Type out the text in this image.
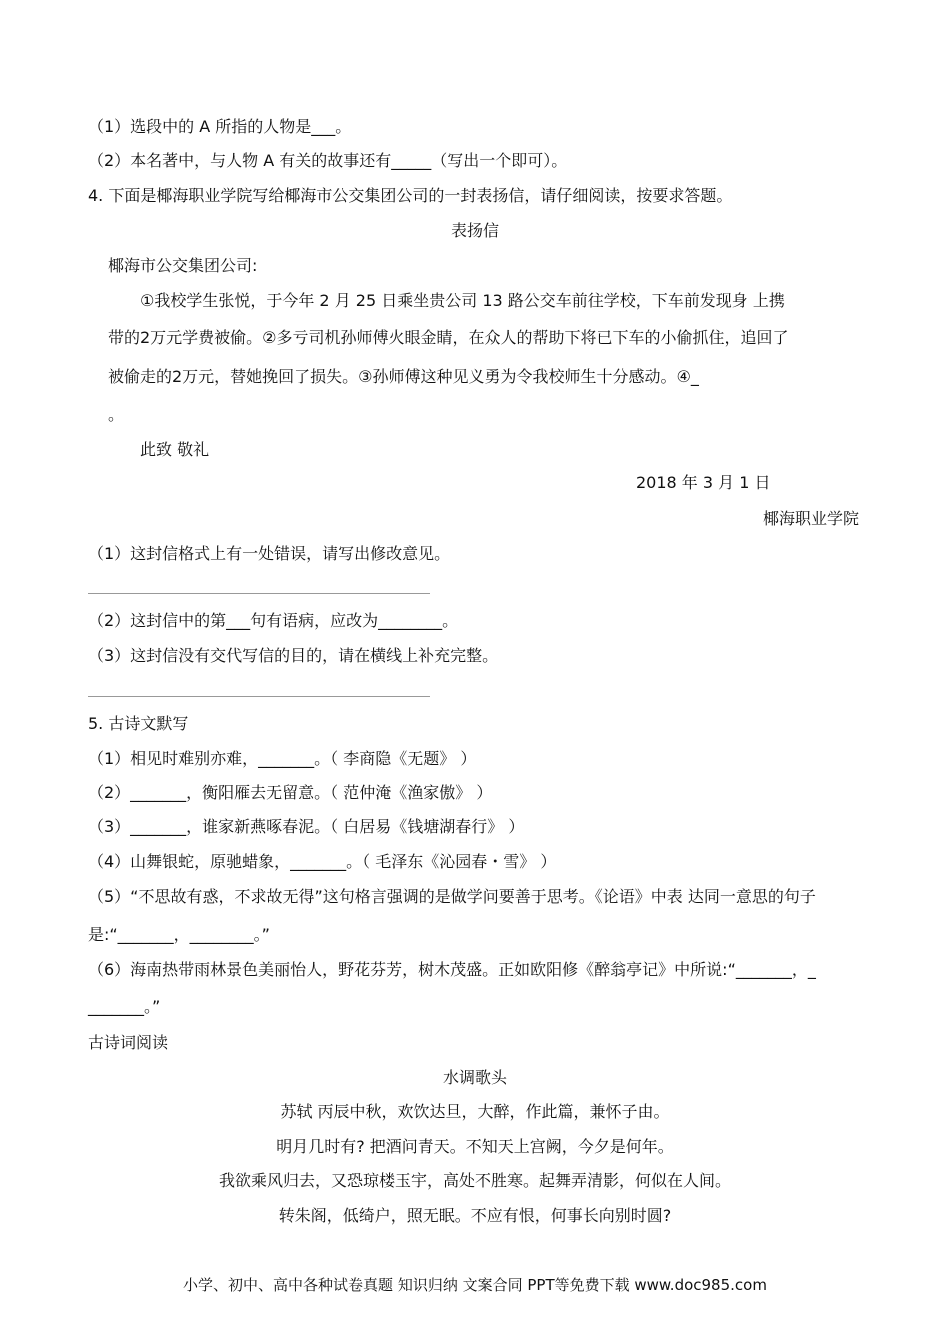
（1）选段中的 A 所指的人物是___。
（2）本名著中，与人物 A 有关的故事还有_____（写出一个即可）。
4. 下面是椰海职业学院写给椰海市公交集团公司的一封表扬信，请仔细阅读，按要求答题。
表扬信
椰海市公交集团公司:
①我校学生张悦，于今年 2 月 25 日乘坐贵公司 13 路公交车前往学校，下车前发现身 上携
带的2万元学费被偷。②多亏司机孙师傅火眼金睛，在众人的帮助下将已下车的小偷抓住，追回了
被偷走的2万元，替她挽回了损失。③孙师傅这种见义勇为令我校师生十分感动。④_
。
此致 敬礼
2018 年 3 月 1 日
椰海职业学院
（1）这封信格式上有一处错误，请写出修改意见。
（2）这封信中的第___句有语病，应改为________。
（3）这封信没有交代写信的目的，请在横线上补充完整。
5. 古诗文默写
（1）相见时难别亦难，_______。（ 李商隐《无题》 ）
（2）_______，衡阳雁去无留意。（ 范仲淹《渔家傲》 ）
（3）_______，谁家新燕啄春泥。（ 白居易《钱塘湖春行》 ）
（4）山舞银蛇，原驰蜡象，_______。（ 毛泽东《沁园春・雪》 ）
（5）“不思故有惑，不求故无得”这句格言强调的是做学问要善于思考。《论语》中表 达同一意思的句子
是:“_______，________。”
（6）海南热带雨林景色美丽怡人，野花芬芳，树木茂盛。正如欧阳修《醉翁亭记》中所说:“_______，_
_______。”
古诗词阅读
水调歌头
苏轼 丙辰中秋，欢饮达旦，大醉，作此篇，兼怀子由。
明月几时有? 把酒问青天。不知天上宫阙，今夕是何年。
我欲乘风归去，又恐琼楼玉宇，高处不胜寒。起舞弄清影，何似在人间。
转朱阁，低绮户，照无眠。不应有恨，何事长向别时圆?
小学、初中、高中各种试卷真题 知识归纳 文案合同 PPT等免费下载 www.doc985.com
